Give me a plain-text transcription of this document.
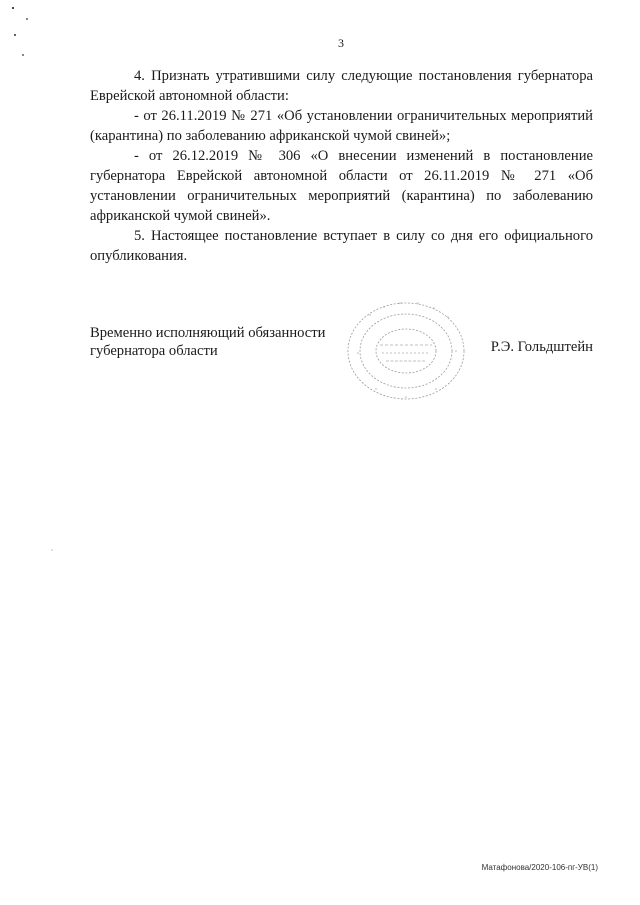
3

4. Признать утратившими силу следующие постановления губернатора Еврейской автономной области:

- от 26.11.2019 № 271 «Об установлении ограничительных мероприятий (карантина) по заболеванию африканской чумой свиней»;

- от 26.12.2019 № 306 «О внесении изменений в постановление губернатора Еврейской автономной области от 26.11.2019 № 271 «Об установлении ограничительных мероприятий (карантина) по заболеванию африканской чумой свиней».

5. Настоящее постановление вступает в силу со дня его официального опубликования.

Временно исполняющий обязанности
губернатора области	Р.Э. Гольдштейн
Матафонова/2020-106-пг-УВ(1)
